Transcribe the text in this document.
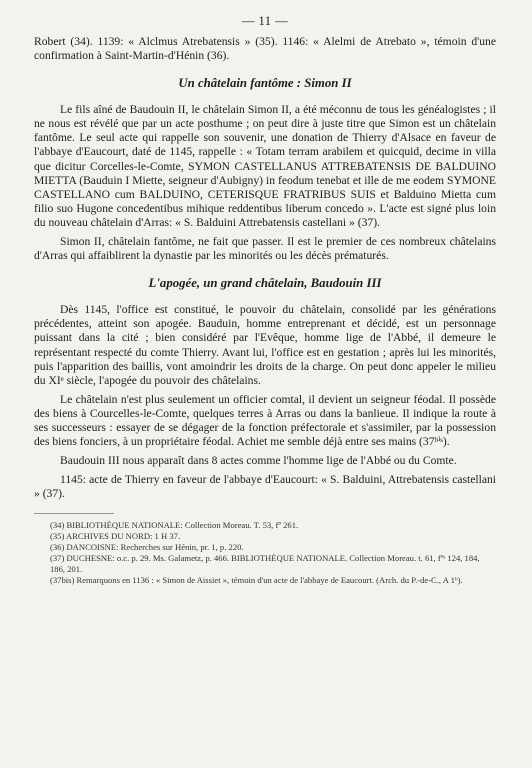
— 11 —

Robert (34). 1139: « Alclmus Atrebatensis » (35). 1146: « Alelmi de Atrebato », témoin d'une confirmation à Saint-Martin-d'Hénin (36).

Un châtelain fantôme : Simon II

Le fils aîné de Baudouin II, le châtelain Simon II, a été méconnu de tous les généalogistes ; il ne nous est révélé que par un acte posthume ; on peut dire à juste titre que Simon est un châtelain fantôme. Le seul acte qui rappelle son souvenir, une donation de Thierry d'Alsace en faveur de l'abbaye d'Eaucourt, daté de 1145, rappelle : « Totam terram arabilem et quicquid, decime in villa que dicitur Corcelles-le-Comte, SYMON CASTELLANUS ATTREBATENSIS DE BALDUINO MIETTA (Bauduin I Miette, seigneur d'Aubigny) in feodum tenebat et ille de me eodem SYMONE CASTELLANO cum BALDUINO, CETERISQUE FRATRIBUS SUIS et Balduino Mietta cum filio suo Hugone concedentibus mihique reddentibus liberum concedo ». L'acte est signé plus loin du nouveau châtelain d'Arras: « S. Balduini Attrebatensis castellani » (37).

Simon II, châtelain fantôme, ne fait que passer. Il est le premier de ces nombreux châtelains d'Arras qui affaiblirent la dynastie par les minorités ou les décès prématurés.

L'apogée, un grand châtelain, Baudouin III

Dès 1145, l'office est constitué, le pouvoir du châtelain, consolidé par les générations précédentes, atteint son apogée. Bauduin, homme entreprenant et décidé, est un personnage puissant dans la cité ; bien considéré par l'Evêque, homme lige de l'Abbé, il demeure le représentant respecté du comte Thierry. Avant lui, l'office est en gestation ; après lui les minorités, puis l'apparition des baillis, vont amoindrir les droits de la charge. On peut donc appeler le milieu du XIᵉ siècle, l'apogée du pouvoir des châtelains.

Le châtelain n'est plus seulement un officier comtal, il devient un seigneur féodal. Il possède des biens à Courcelles-le-Comte, quelques terres à Arras ou dans la banlieue. Il indique la route à ses successeurs : essayer de se dégager de la fonction préfectorale et s'assimiler, par la possession des biens fonciers, à un propriétaire féodal. Achiet me semble déjà entre ses mains (37ᵇⁱˢ).

Baudouin III nous apparaît dans 8 actes comme l'homme lige de l'Abbé ou du Comte.

1145: acte de Thierry en faveur de l'abbaye d'Eaucourt: « S. Balduini, Attrebatensis castellani » (37).

(34) BIBLIOTHÈQUE NATIONALE: Collection Moreau. T. 53, fº 261.

(35) ARCHIVES DU NORD: 1 H 37.

(36) DANCOISNE: Recherches sur Hénin, pr. 1, p. 220.

(37) DUCHESNE: o.c. p. 29. Ms. Galametz, p. 466. BIBLIOTHÈQUE NATIONALE. Collection Moreau. t. 61, fºˢ 124, 184, 186, 201.

(37bis) Remarquons en 1136 : « Simon de Aissiet », témoin d'un acte de l'abbaye de Eaucourt. (Arch. du P.-de-C., A 1ᵇ).
